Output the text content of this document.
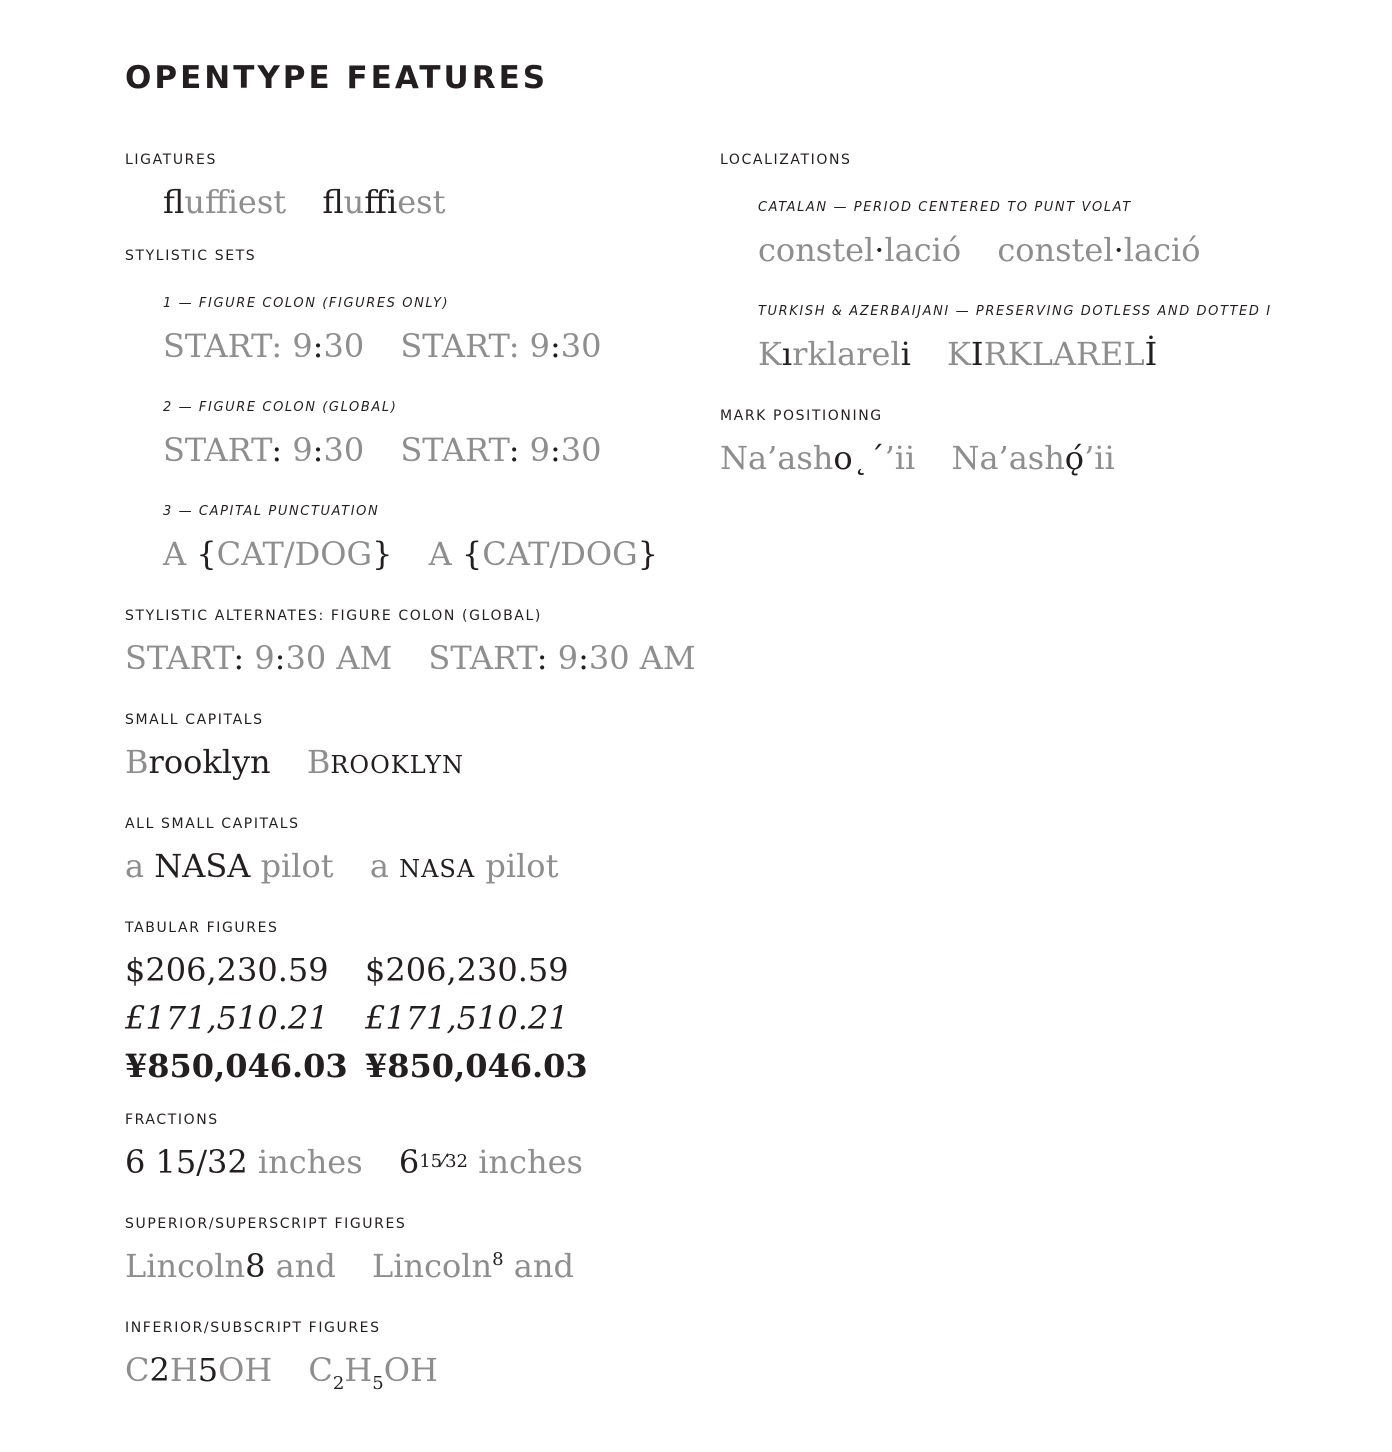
OPENTYPE FEATURES
LIGATURES
fluffiest fluffiest
STYLISTIC SETS
1 — FIGURE COLON (FIGURES ONLY)
START: 9:30 START: 9:30
2 — FIGURE COLON (GLOBAL)
START: 9:30 START: 9:30
3 — CAPITAL PUNCTUATION
A {CAT/DOG} A {CAT/DOG}
STYLISTIC ALTERNATES: FIGURE COLON (GLOBAL)
START: 9:30 AM START: 9:30 AM
SMALL CAPITALS
Brooklyn BROOKLYN
ALL SMALL CAPITALS
a NASA pilot a NASA pilot
TABULAR FIGURES
$206,230.59 $206,230.59
£171,510.21 £171,510.21
¥850,046.03 ¥850,046.03
FRACTIONS
6 15/32 inches $6^{15⁄32}$ inches
SUPERIOR/SUPERSCRIPT FIGURES
Lincoln8 and Lincoln$^8$ and
INFERIOR/SUBSCRIPT FIGURES
C2H5OH $C_2H_5OH$
LOCALIZATIONS
CATALAN — PERIOD CENTERED TO PUNT VOLAT
constel·lació constel·lació
TURKISH & AZERBAIJANI — PRESERVING DOTLESS AND DOTTED I
Kırklareli KIRKLARELİ
MARK POSITIONING
Na’asho˛´’ii Na’ashǫ́’ii
